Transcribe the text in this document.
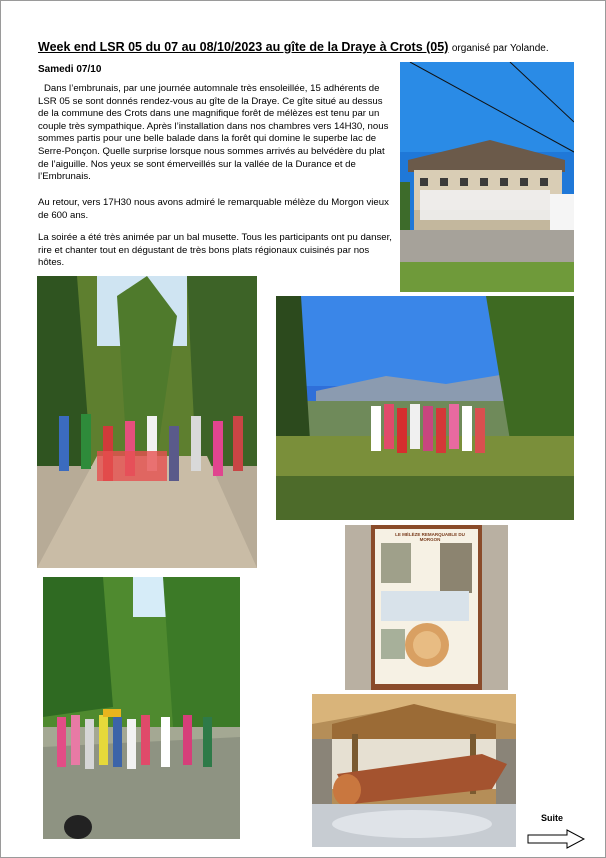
Week end LSR 05 du 07 au 08/10/2023 au gîte de la Draye à Crots (05) organisé par Yolande.
Samedi 07/10
Dans l’embrunais, par une journée automnale très ensoleillée, 15 adhérents de LSR 05 se sont donnés rendez-vous au gîte de la Draye. Ce gîte situé au dessus de la commune des Crots dans une magnifique forêt de mélèzes est tenu par un couple très sympathique. Après l’installation dans nos chambres vers 14H30, nous sommes partis pour une belle balade dans la forêt qui domine le superbe lac de Serre-Ponçon. Quelle surprise lorsque nous sommes arrivés au belvédère du plat de l’aiguille. Nos yeux se sont émerveillés sur la vallée de la Durance et de l’Embrunais.
Au retour, vers 17H30 nous avons admiré le remarquable mélèze du Morgon vieux de 600 ans.
La soirée a été très animée par un bal musette. Tous les participants ont pu danser, rire et chanter tout en dégustant de très bons plats régionaux cuisinés par nos hôtes.
LE MÉLÈZE REMARQUABLE DU MORGON
Suite
